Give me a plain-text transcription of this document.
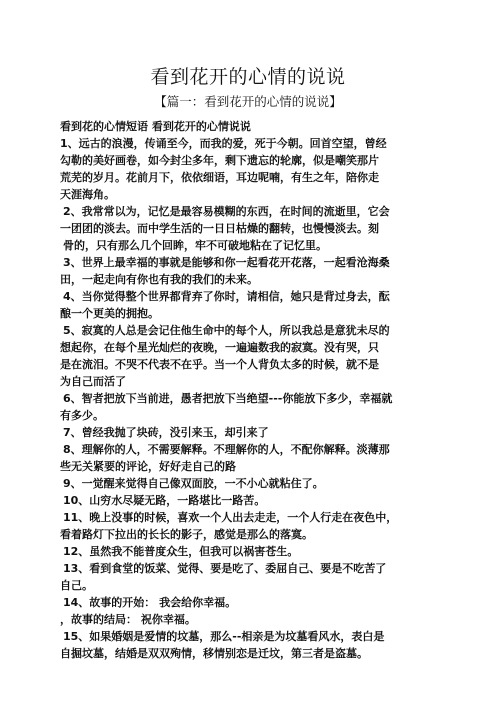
看到花开的心情的说说
【篇一：看到花开的心情的说说】
看到花的心情短语 看到花开的心情说说
1、远古的浪漫，传诵至今，而我的爱，死于今朝。回首空望，曾经
勾勒的美好画卷，如今封尘多年，剩下遗忘的轮廓，似是嘲笑那片
荒芜的岁月。花前月下，依依细语，耳边呢喃，有生之年，陪你走
天涯海角。
2、我常常以为，记忆是最容易模糊的东西，在时间的流逝里，它会
一团团的淡去。而中学生活的一日日枯燥的翻转，也慢慢淡去。刻
骨的，只有那么几个回眸，牢不可破地粘在了记忆里。
3、世界上最幸福的事就是能够和你一起看花开花落，一起看沧海桑
田，一起走向有你也有我的我们的未来。
4、当你觉得整个世界都背弃了你时，请相信，她只是背过身去，酝
酿一个更美的拥抱。
5、寂寞的人总是会记住他生命中的每个人，所以我总是意犹未尽的
想起你，在每个星光灿烂的夜晚，一遍遍数我的寂寞。没有哭，只
是在流泪。不哭不代表不在乎。当一个人背负太多的时候，就不是
为自己而活了
6、智者把放下当前进，愚者把放下当绝望---你能放下多少，幸福就
有多少。
7、曾经我抛了块砖，没引来玉，却引来了
8、理解你的人，不需要解释。不理解你的人，不配你解释。淡薄那
些无关紧要的评论，好好走自己的路
9、一觉醒来觉得自己像双面胶，一不小心就粘住了。
10、山穷水尽疑无路，一路堪比一路苦。
11、晚上没事的时候，喜欢一个人出去走走，一个人行走在夜色中，
看着路灯下拉出的长长的影子，感觉是那么的落寞。
12、虽然我不能普度众生，但我可以祸害苍生。
13、看到食堂的饭菜、觉得、要是吃了、委屈自己、要是不吃苦了
自己。
14、故事的开始： 我会给你幸福。
，故事的结局： 祝你幸福。
15、如果婚姻是爱情的坟墓，那么--相亲是为坟墓看风水，表白是
自掘坟墓，结婚是双双殉情，移情别恋是迁坟，第三者是盗墓。
